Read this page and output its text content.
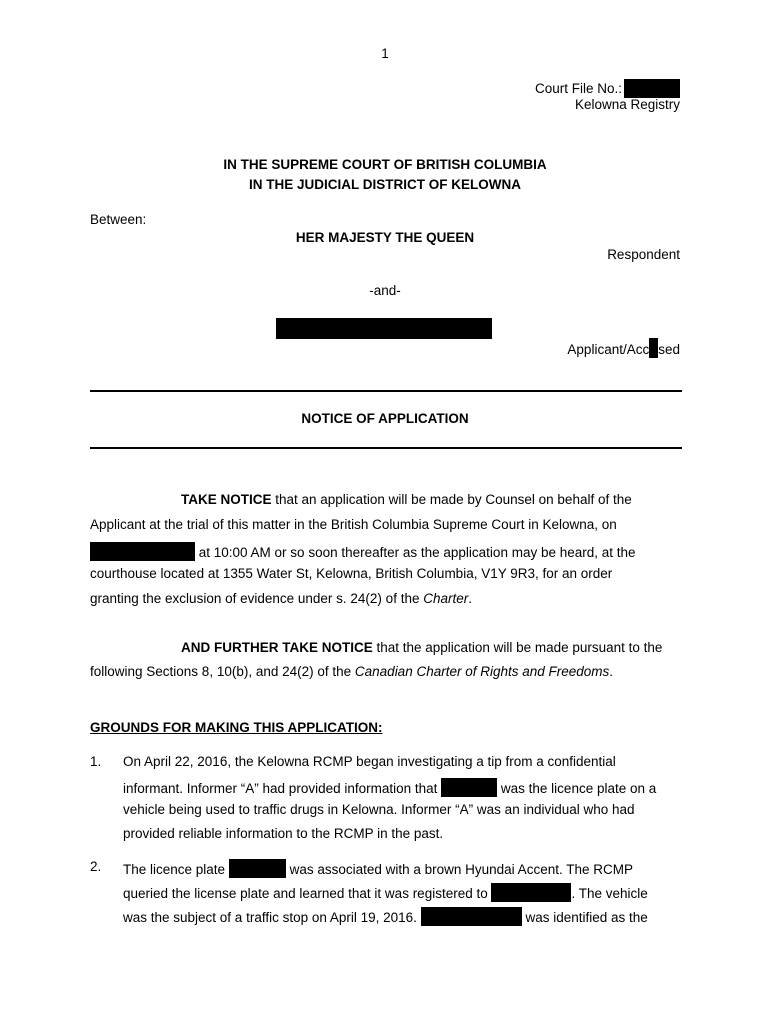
1
Court File No.:
Kelowna Registry
IN THE SUPREME COURT OF BRITISH COLUMBIA
IN THE JUDICIAL DISTRICT OF KELOWNA
Between:
HER MAJESTY THE QUEEN
Respondent
-and-
Applicant/Acc sed
NOTICE OF APPLICATION
TAKE NOTICE that an application will be made by Counsel on behalf of the
Applicant at the trial of this matter in the British Columbia Supreme Court in Kelowna, on
at 10:00 AM or so soon thereafter as the application may be heard, at the
courthouse located at 1355 Water St, Kelowna, British Columbia, V1Y 9R3, for an order
granting the exclusion of evidence under s. 24(2) of the Charter.
AND FURTHER TAKE NOTICE that the application will be made pursuant to the
following Sections 8, 10(b), and 24(2) of the Canadian Charter of Rights and Freedoms.
GROUNDS FOR MAKING THIS APPLICATION:
1. On April 22, 2016, the Kelowna RCMP began investigating a tip from a confidential
informant. Informer “A” had provided information that	was the licence plate on a
vehicle being used to traffic drugs in Kelowna. Informer “A” was an individual who had
provided reliable information to the RCMP in the past.
2. The licence plate	was associated with a brown Hyundai Accent. The RCMP
queried the license plate and learned that it was registered to	. The vehicle
was the subject of a traffic stop on April 19, 2016.	was identified as the
